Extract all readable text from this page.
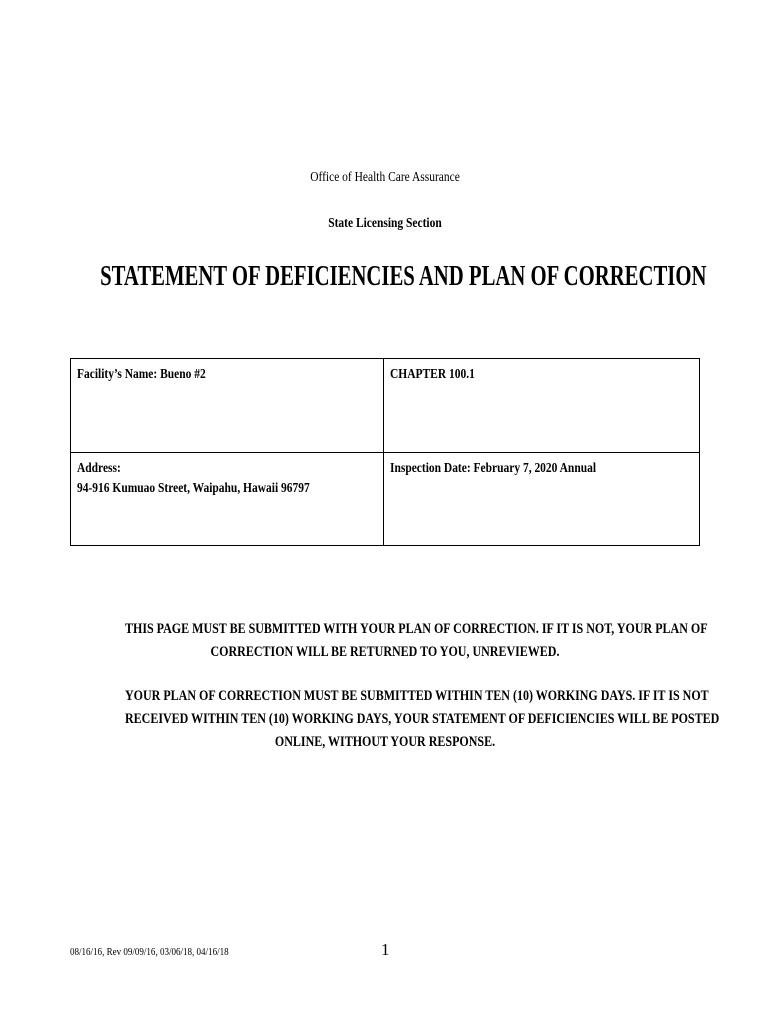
Office of Health Care Assurance
State Licensing Section
STATEMENT OF DEFICIENCIES AND PLAN OF CORRECTION
Facility’s Name: Bueno #2	CHAPTER 100.1

Address:
94-916 Kumuao Street, Waipahu, Hawaii 96797	Inspection Date: February 7, 2020 Annual
THIS PAGE MUST BE SUBMITTED WITH YOUR PLAN OF CORRECTION. IF IT IS NOT, YOUR PLAN OF
CORRECTION WILL BE RETURNED TO YOU, UNREVIEWED.
YOUR PLAN OF CORRECTION MUST BE SUBMITTED WITHIN TEN (10) WORKING DAYS. IF IT IS NOT
RECEIVED WITHIN TEN (10) WORKING DAYS, YOUR STATEMENT OF DEFICIENCIES WILL BE POSTED
ONLINE, WITHOUT YOUR RESPONSE.
08/16/16, Rev 09/09/16, 03/06/18, 04/16/18	1
